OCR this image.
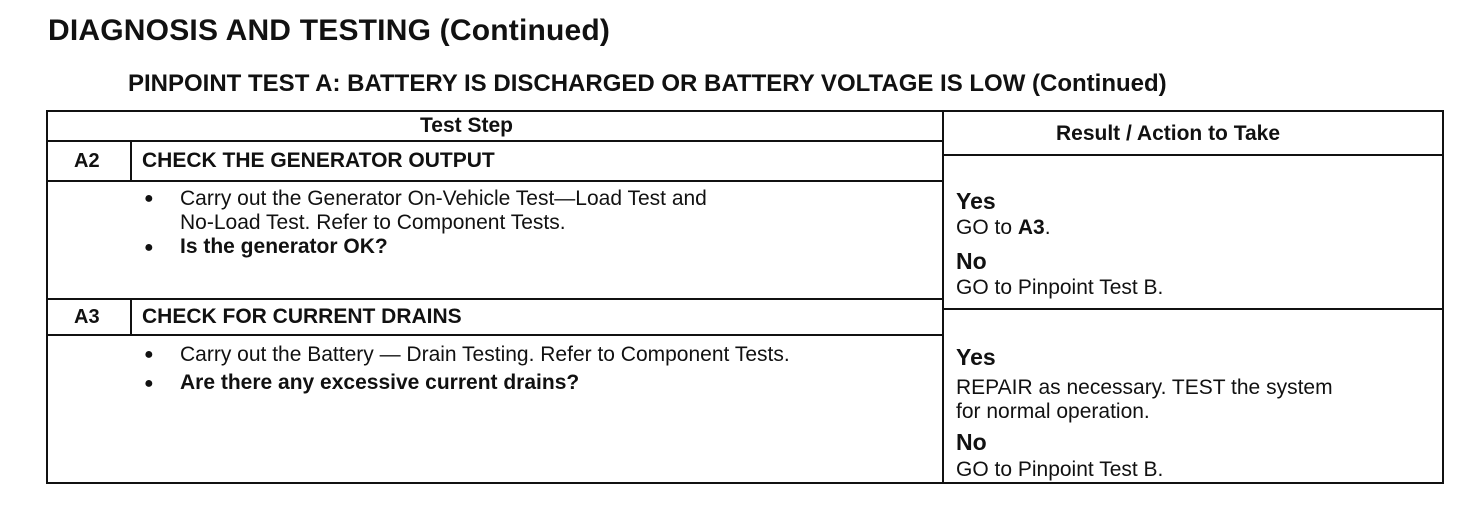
DIAGNOSIS AND TESTING (Continued)
PINPOINT TEST A: BATTERY IS DISCHARGED OR BATTERY VOLTAGE IS LOW (Continued)
Test Step	Result / Action to Take
A2 CHECK THE GENERATOR OUTPUT
● Carry out the Generator On-Vehicle Test—Load Test and
No-Load Test. Refer to Component Tests.
● Is the generator OK?
Yes
GO to A3.
No
GO to Pinpoint Test B.
A3 CHECK FOR CURRENT DRAINS
● Carry out the Battery — Drain Testing. Refer to Component Tests.
● Are there any excessive current drains?
Yes
REPAIR as necessary. TEST the system
for normal operation.
No
GO to Pinpoint Test B.
